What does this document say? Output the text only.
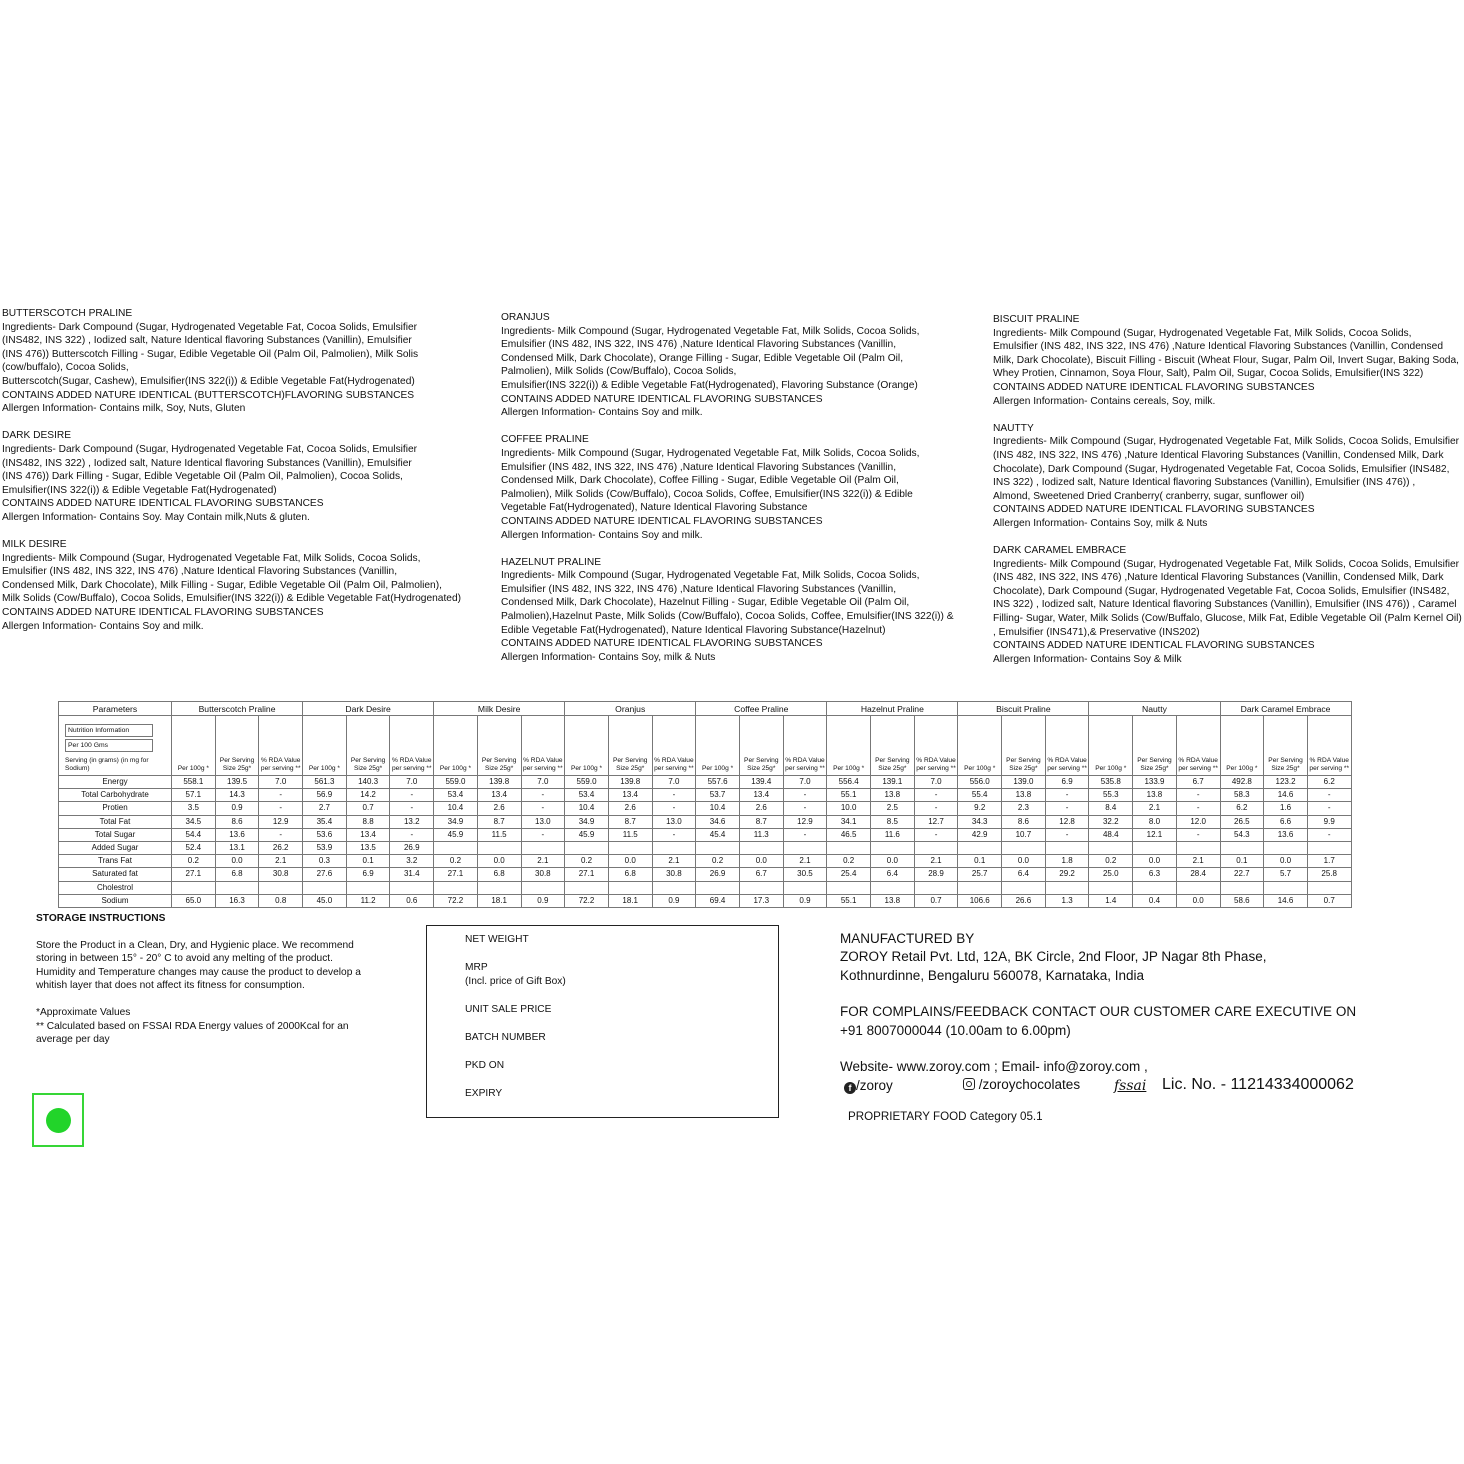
BUTTERSCOTCH PRALINE
Ingredients- Dark Compound (Sugar, Hydrogenated Vegetable Fat, Cocoa Solids, Emulsifier
(INS482, INS 322) , Iodized salt, Nature Identical flavoring Substances (Vanillin), Emulsifier
(INS 476)) Butterscotch Filling - Sugar, Edible Vegetable Oil (Palm Oil, Palmolien), Milk Solis
(cow/buffalo), Cocoa Solids,
Butterscotch(Sugar, Cashew), Emulsifier(INS 322(i)) & Edible Vegetable Fat(Hydrogenated)
CONTAINS ADDED NATURE IDENTICAL (BUTTERSCOTCH)FLAVORING SUBSTANCES
Allergen Information- Contains milk, Soy, Nuts, Gluten
DARK DESIRE
Ingredients- Dark Compound (Sugar, Hydrogenated Vegetable Fat, Cocoa Solids, Emulsifier
(INS482, INS 322) , Iodized salt, Nature Identical flavoring Substances (Vanillin), Emulsifier
(INS 476)) Dark Filling - Sugar, Edible Vegetable Oil (Palm Oil, Palmolien), Cocoa Solids,
Emulsifier(INS 322(i)) & Edible Vegetable Fat(Hydrogenated)
CONTAINS ADDED NATURE IDENTICAL FLAVORING SUBSTANCES
Allergen Information- Contains Soy. May Contain milk,Nuts & gluten.
MILK DESIRE
Ingredients- Milk Compound (Sugar, Hydrogenated Vegetable Fat, Milk Solids, Cocoa Solids,
Emulsifier (INS 482, INS 322, INS 476) ,Nature Identical Flavoring Substances (Vanillin,
Condensed Milk, Dark Chocolate), Milk Filling - Sugar, Edible Vegetable Oil (Palm Oil, Palmolien),
Milk Solids (Cow/Buffalo), Cocoa Solids, Emulsifier(INS 322(i)) & Edible Vegetable Fat(Hydrogenated)
CONTAINS ADDED NATURE IDENTICAL FLAVORING SUBSTANCES
Allergen Information- Contains Soy and milk.
ORANJUS
Ingredients- Milk Compound (Sugar, Hydrogenated Vegetable Fat, Milk Solids, Cocoa Solids,
Emulsifier (INS 482, INS 322, INS 476) ,Nature Identical Flavoring Substances (Vanillin,
Condensed Milk, Dark Chocolate), Orange Filling - Sugar, Edible Vegetable Oil (Palm Oil,
Palmolien), Milk Solids (Cow/Buffalo), Cocoa Solids,
Emulsifier(INS 322(i)) & Edible Vegetable Fat(Hydrogenated), Flavoring Substance (Orange)
CONTAINS ADDED NATURE IDENTICAL FLAVORING SUBSTANCES
Allergen Information- Contains Soy and milk.
COFFEE PRALINE
Ingredients- Milk Compound (Sugar, Hydrogenated Vegetable Fat, Milk Solids, Cocoa Solids,
Emulsifier (INS 482, INS 322, INS 476) ,Nature Identical Flavoring Substances (Vanillin,
Condensed Milk, Dark Chocolate), Coffee Filling - Sugar, Edible Vegetable Oil (Palm Oil,
Palmolien), Milk Solids (Cow/Buffalo), Cocoa Solids, Coffee, Emulsifier(INS 322(i)) & Edible
Vegetable Fat(Hydrogenated), Nature Identical Flavoring Substance
CONTAINS ADDED NATURE IDENTICAL FLAVORING SUBSTANCES
Allergen Information- Contains Soy and milk.
HAZELNUT PRALINE
Ingredients- Milk Compound (Sugar, Hydrogenated Vegetable Fat, Milk Solids, Cocoa Solids,
Emulsifier (INS 482, INS 322, INS 476) ,Nature Identical Flavoring Substances (Vanillin,
Condensed Milk, Dark Chocolate), Hazelnut Filling - Sugar, Edible Vegetable Oil (Palm Oil,
Palmolien),Hazelnut Paste, Milk Solids (Cow/Buffalo), Cocoa Solids, Coffee, Emulsifier(INS 322(i)) &
Edible Vegetable Fat(Hydrogenated), Nature Identical Flavoring Substance(Hazelnut)
CONTAINS ADDED NATURE IDENTICAL FLAVORING SUBSTANCES
Allergen Information- Contains Soy, milk & Nuts
BISCUIT PRALINE
Ingredients- Milk Compound (Sugar, Hydrogenated Vegetable Fat, Milk Solids, Cocoa Solids,
Emulsifier (INS 482, INS 322, INS 476) ,Nature Identical Flavoring Substances (Vanillin, Condensed
Milk, Dark Chocolate), Biscuit Filling - Biscuit (Wheat Flour, Sugar, Palm Oil, Invert Sugar, Baking Soda,
Whey Protien, Cinnamon, Soya Flour, Salt), Palm Oil, Sugar, Cocoa Solids, Emulsifier(INS 322)
CONTAINS ADDED NATURE IDENTICAL FLAVORING SUBSTANCES
Allergen Information- Contains cereals, Soy, milk.
NAUTTY
Ingredients- Milk Compound (Sugar, Hydrogenated Vegetable Fat, Milk Solids, Cocoa Solids, Emulsifier
(INS 482, INS 322, INS 476) ,Nature Identical Flavoring Substances (Vanillin, Condensed Milk, Dark
Chocolate), Dark Compound (Sugar, Hydrogenated Vegetable Fat, Cocoa Solids, Emulsifier (INS482,
INS 322) , Iodized salt, Nature Identical flavoring Substances (Vanillin), Emulsifier (INS 476)) ,
Almond, Sweetened Dried Cranberry( cranberry, sugar, sunflower oil)
CONTAINS ADDED NATURE IDENTICAL FLAVORING SUBSTANCES
Allergen Information- Contains Soy, milk & Nuts
DARK CARAMEL EMBRACE
Ingredients- Milk Compound (Sugar, Hydrogenated Vegetable Fat, Milk Solids, Cocoa Solids, Emulsifier
(INS 482, INS 322, INS 476) ,Nature Identical Flavoring Substances (Vanillin, Condensed Milk, Dark
Chocolate), Dark Compound (Sugar, Hydrogenated Vegetable Fat, Cocoa Solids, Emulsifier (INS482,
INS 322) , Iodized salt, Nature Identical flavoring Substances (Vanillin), Emulsifier (INS 476)) , Caramel
Filling- Sugar, Water, Milk Solids (Cow/Buffalo, Glucose, Milk Fat, Edible Vegetable Oil (Palm Kernel Oil)
, Emulsifier (INS471),& Preservative (INS202)
CONTAINS ADDED NATURE IDENTICAL FLAVORING SUBSTANCES
Allergen Information- Contains Soy & Milk
Parameters	Butterscotch Praline			Dark Desire			Milk Desire			Oranjus			Coffee Praline			Hazelnut Praline			Biscuit Praline			Nautty			Dark Caramel Embrace		

Nutrition Information
Per 100 Gms
Serving (in grams) (in mg for Sodium)	Per 100g *	Per Serving Size 25g*	% RDA Value per serving **	Per 100g *	Per Serving Size 25g*	% RDA Value per serving **	Per 100g *	Per Serving Size 25g*	% RDA Value per serving **	Per 100g *	Per Serving Size 25g*	% RDA Value per serving **	Per 100g *	Per Serving Size 25g*	% RDA Value per serving **	Per 100g *	Per Serving Size 25g*	% RDA Value per serving **	Per 100g *	Per Serving Size 25g*	% RDA Value per serving **	Per 100g *	Per Serving Size 25g*	% RDA Value per serving **	Per 100g *	Per Serving Size 25g*	% RDA Value per serving **
Energy	558.1	139.5	7.0	561.3	140.3	7.0	559.0	139.8	7.0	559.0	139.8	7.0	557.6	139.4	7.0	556.4	139.1	7.0	556.0	139.0	6.9	535.8	133.9	6.7	492.8	123.2	6.2
Total Carbohydrate	57.1	14.3	-	56.9	14.2	-	53.4	13.4	-	53.4	13.4	-	53.7	13.4	-	55.1	13.8	-	55.4	13.8	-	55.3	13.8	-	58.3	14.6	-
Protien	3.5	0.9	-	2.7	0.7	-	10.4	2.6	-	10.4	2.6	-	10.4	2.6	-	10.0	2.5	-	9.2	2.3	-	8.4	2.1	-	6.2	1.6	-
Total Fat	34.5	8.6	12.9	35.4	8.8	13.2	34.9	8.7	13.0	34.9	8.7	13.0	34.6	8.7	12.9	34.1	8.5	12.7	34.3	8.6	12.8	32.2	8.0	12.0	26.5	6.6	9.9
Total Sugar	54.4	13.6	-	53.6	13.4	-	45.9	11.5	-	45.9	11.5	-	45.4	11.3	-	46.5	11.6	-	42.9	10.7	-	48.4	12.1	-	54.3	13.6	-
Added Sugar	52.4	13.1	26.2	53.9	13.5	26.9																					
Trans Fat	0.2	0.0	2.1	0.3	0.1	3.2	0.2	0.0	2.1	0.2	0.0	2.1	0.2	0.0	2.1	0.2	0.0	2.1	0.1	0.0	1.8	0.2	0.0	2.1	0.1	0.0	1.7
Saturated fat	27.1	6.8	30.8	27.6	6.9	31.4	27.1	6.8	30.8	27.1	6.8	30.8	26.9	6.7	30.5	25.4	6.4	28.9	25.7	6.4	29.2	25.0	6.3	28.4	22.7	5.7	25.8
Cholestrol																											
Sodium	65.0	16.3	0.8	45.0	11.2	0.6	72.2	18.1	0.9	72.2	18.1	0.9	69.4	17.3	0.9	55.1	13.8	0.7	106.6	26.6	1.3	1.4	0.4	0.0	58.6	14.6	0.7
STORAGE INSTRUCTIONS
Store the Product in a Clean, Dry, and Hygienic place. We recommend storing in between 15° - 20° C to avoid any melting of the product. Humidity and Temperature changes may cause the product to develop a whitish layer that does not affect its fitness for consumption.
*Approximate Values
** Calculated based on FSSAI RDA Energy values of 2000Kcal for an average per day
NET WEIGHT
MRP
(Incl. price of Gift Box)
UNIT SALE PRICE
BATCH NUMBER
PKD ON
EXPIRY
MANUFACTURED BY
ZOROY Retail Pvt. Ltd, 12A, BK Circle, 2nd Floor, JP Nagar 8th Phase,
Kothnurdinne, Bengaluru 560078, Karnataka, India
FOR COMPLAINS/FEEDBACK CONTACT OUR CUSTOMER CARE EXECUTIVE ON
+91 8007000044 (10.00am to 6.00pm)
Website- www.zoroy.com ; Email- info@zoroy.com ,
f /zoroy	/zoroychocolates fssai Lic. No. - 11214334000062
PROPRIETARY FOOD Category 05.1
